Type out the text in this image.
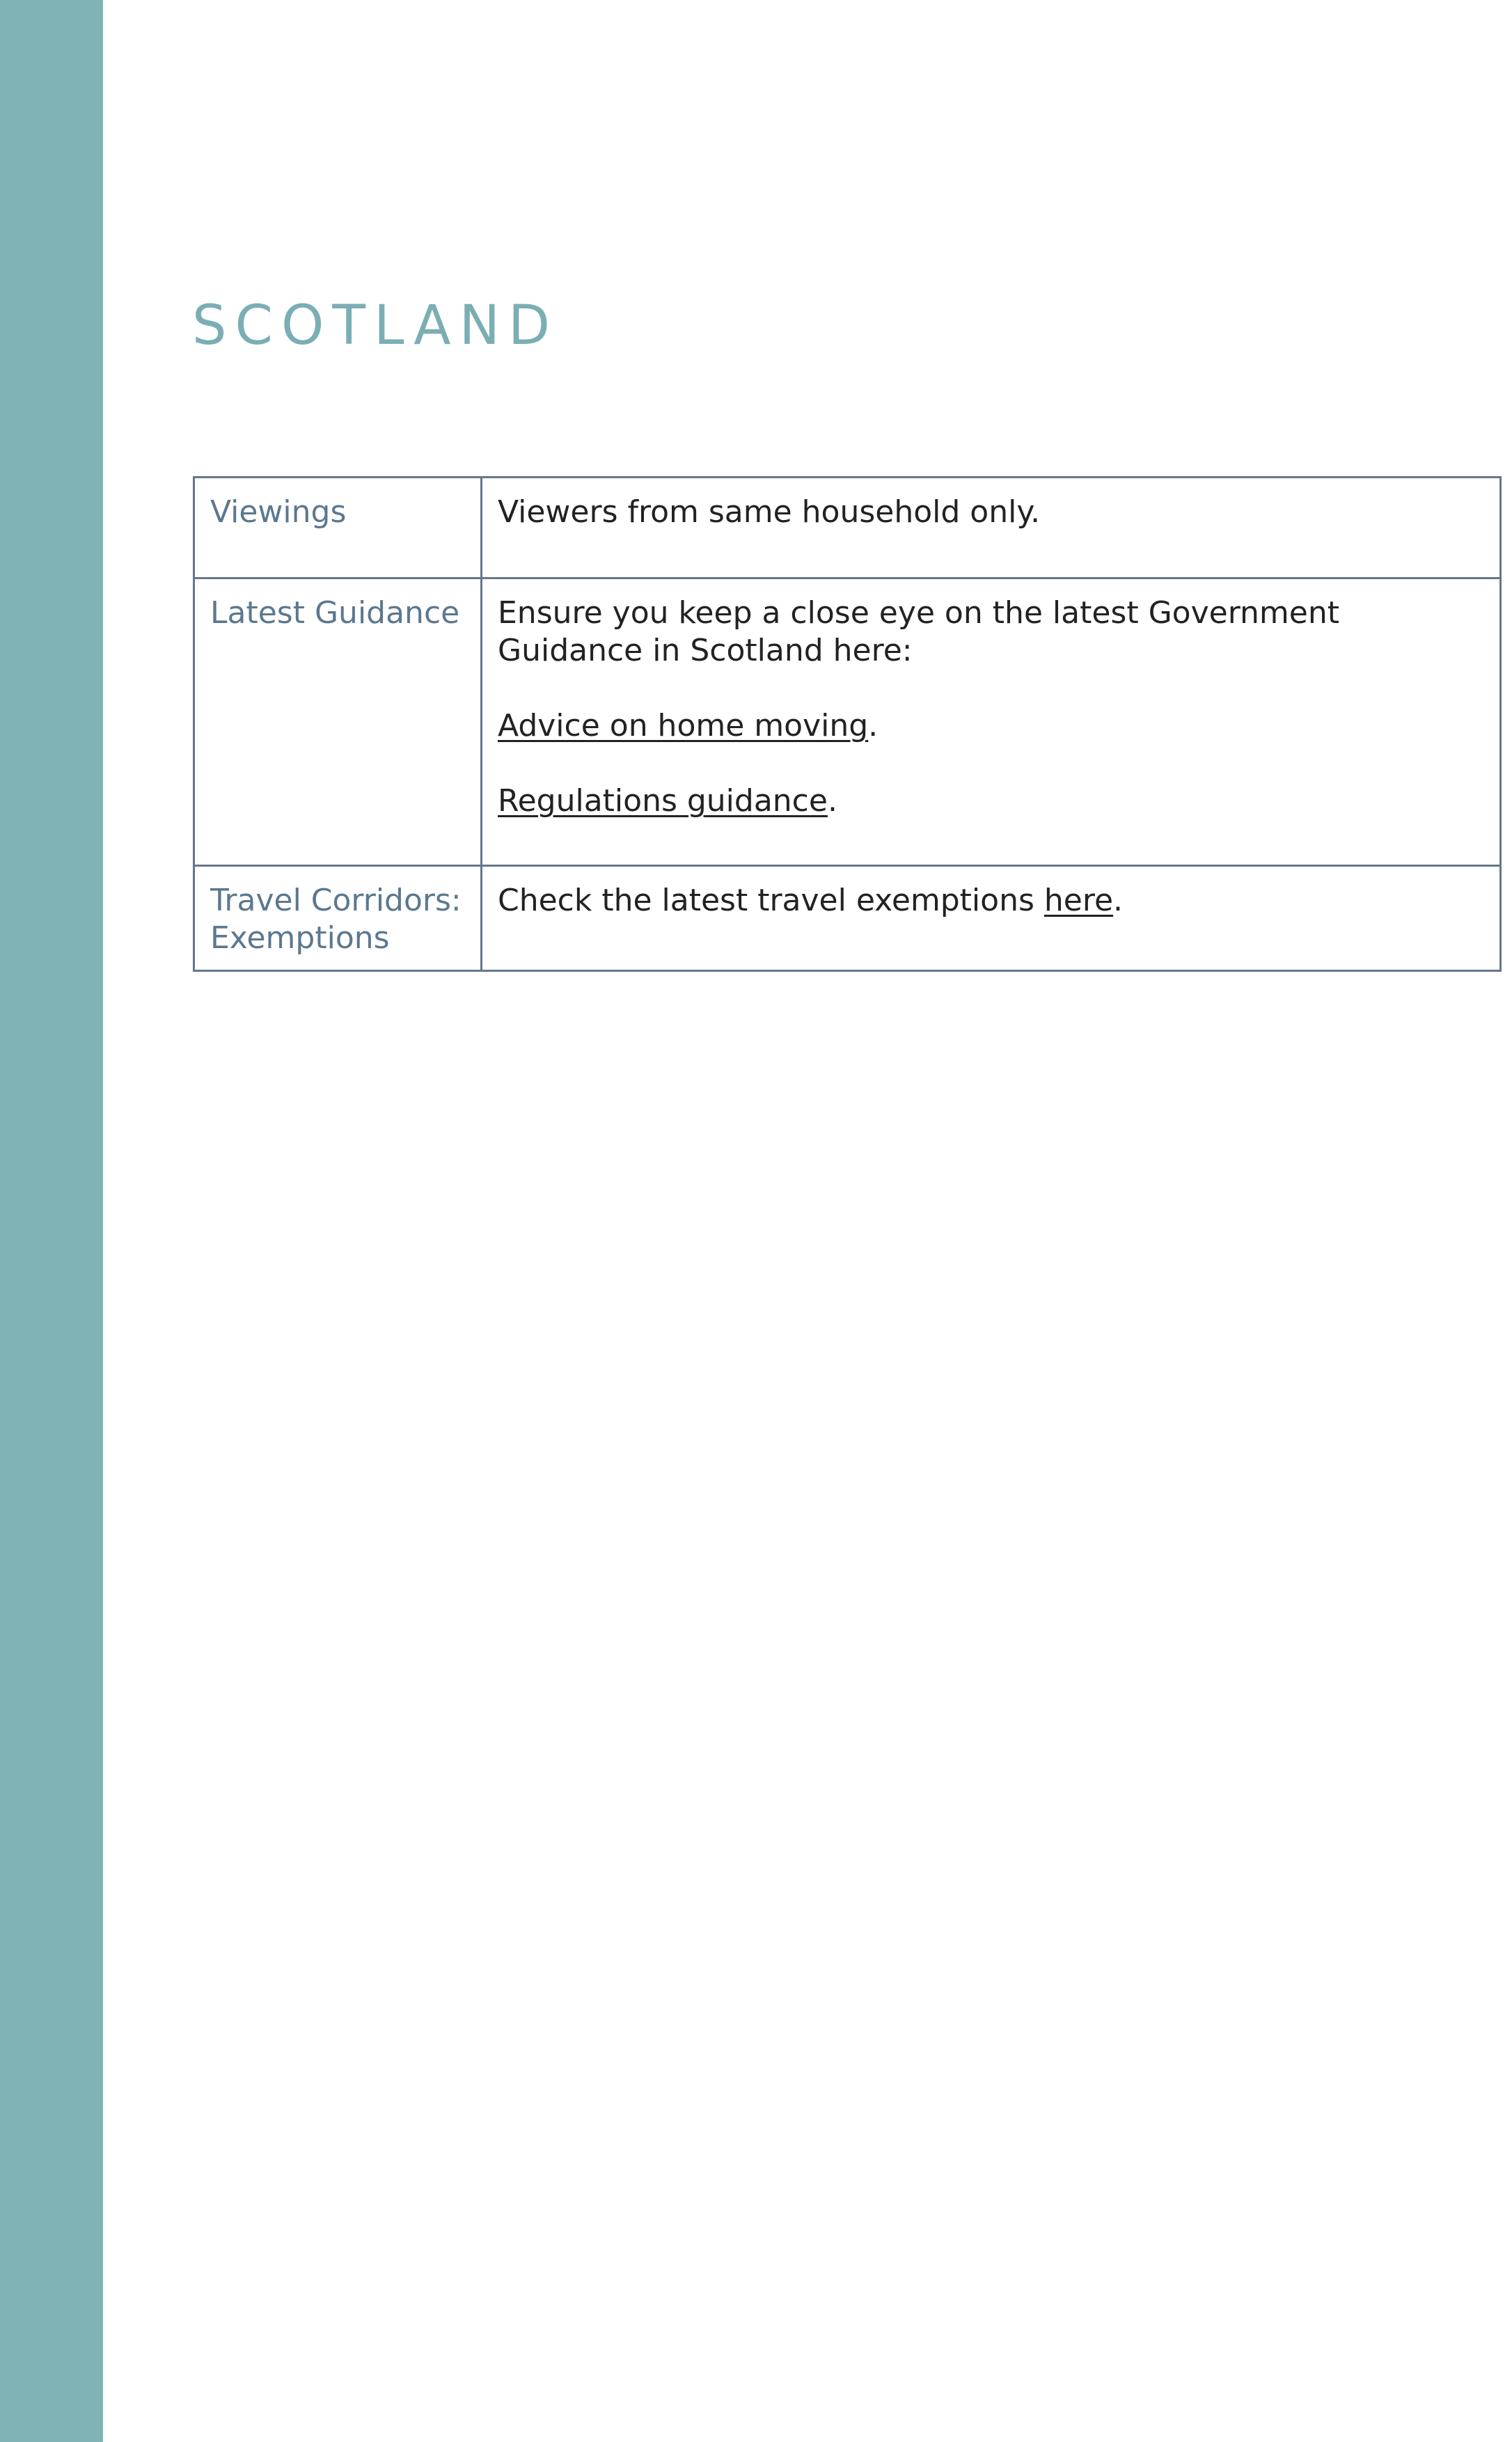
SCOTLAND
Viewings	Viewers from same household only.
Latest Guidance	Ensure you keep a close eye on the latest Government Guidance in Scotland here:
Advice on home moving.
Regulations guidance.

Travel Corridors: Exemptions	Check the latest travel exemptions here.
